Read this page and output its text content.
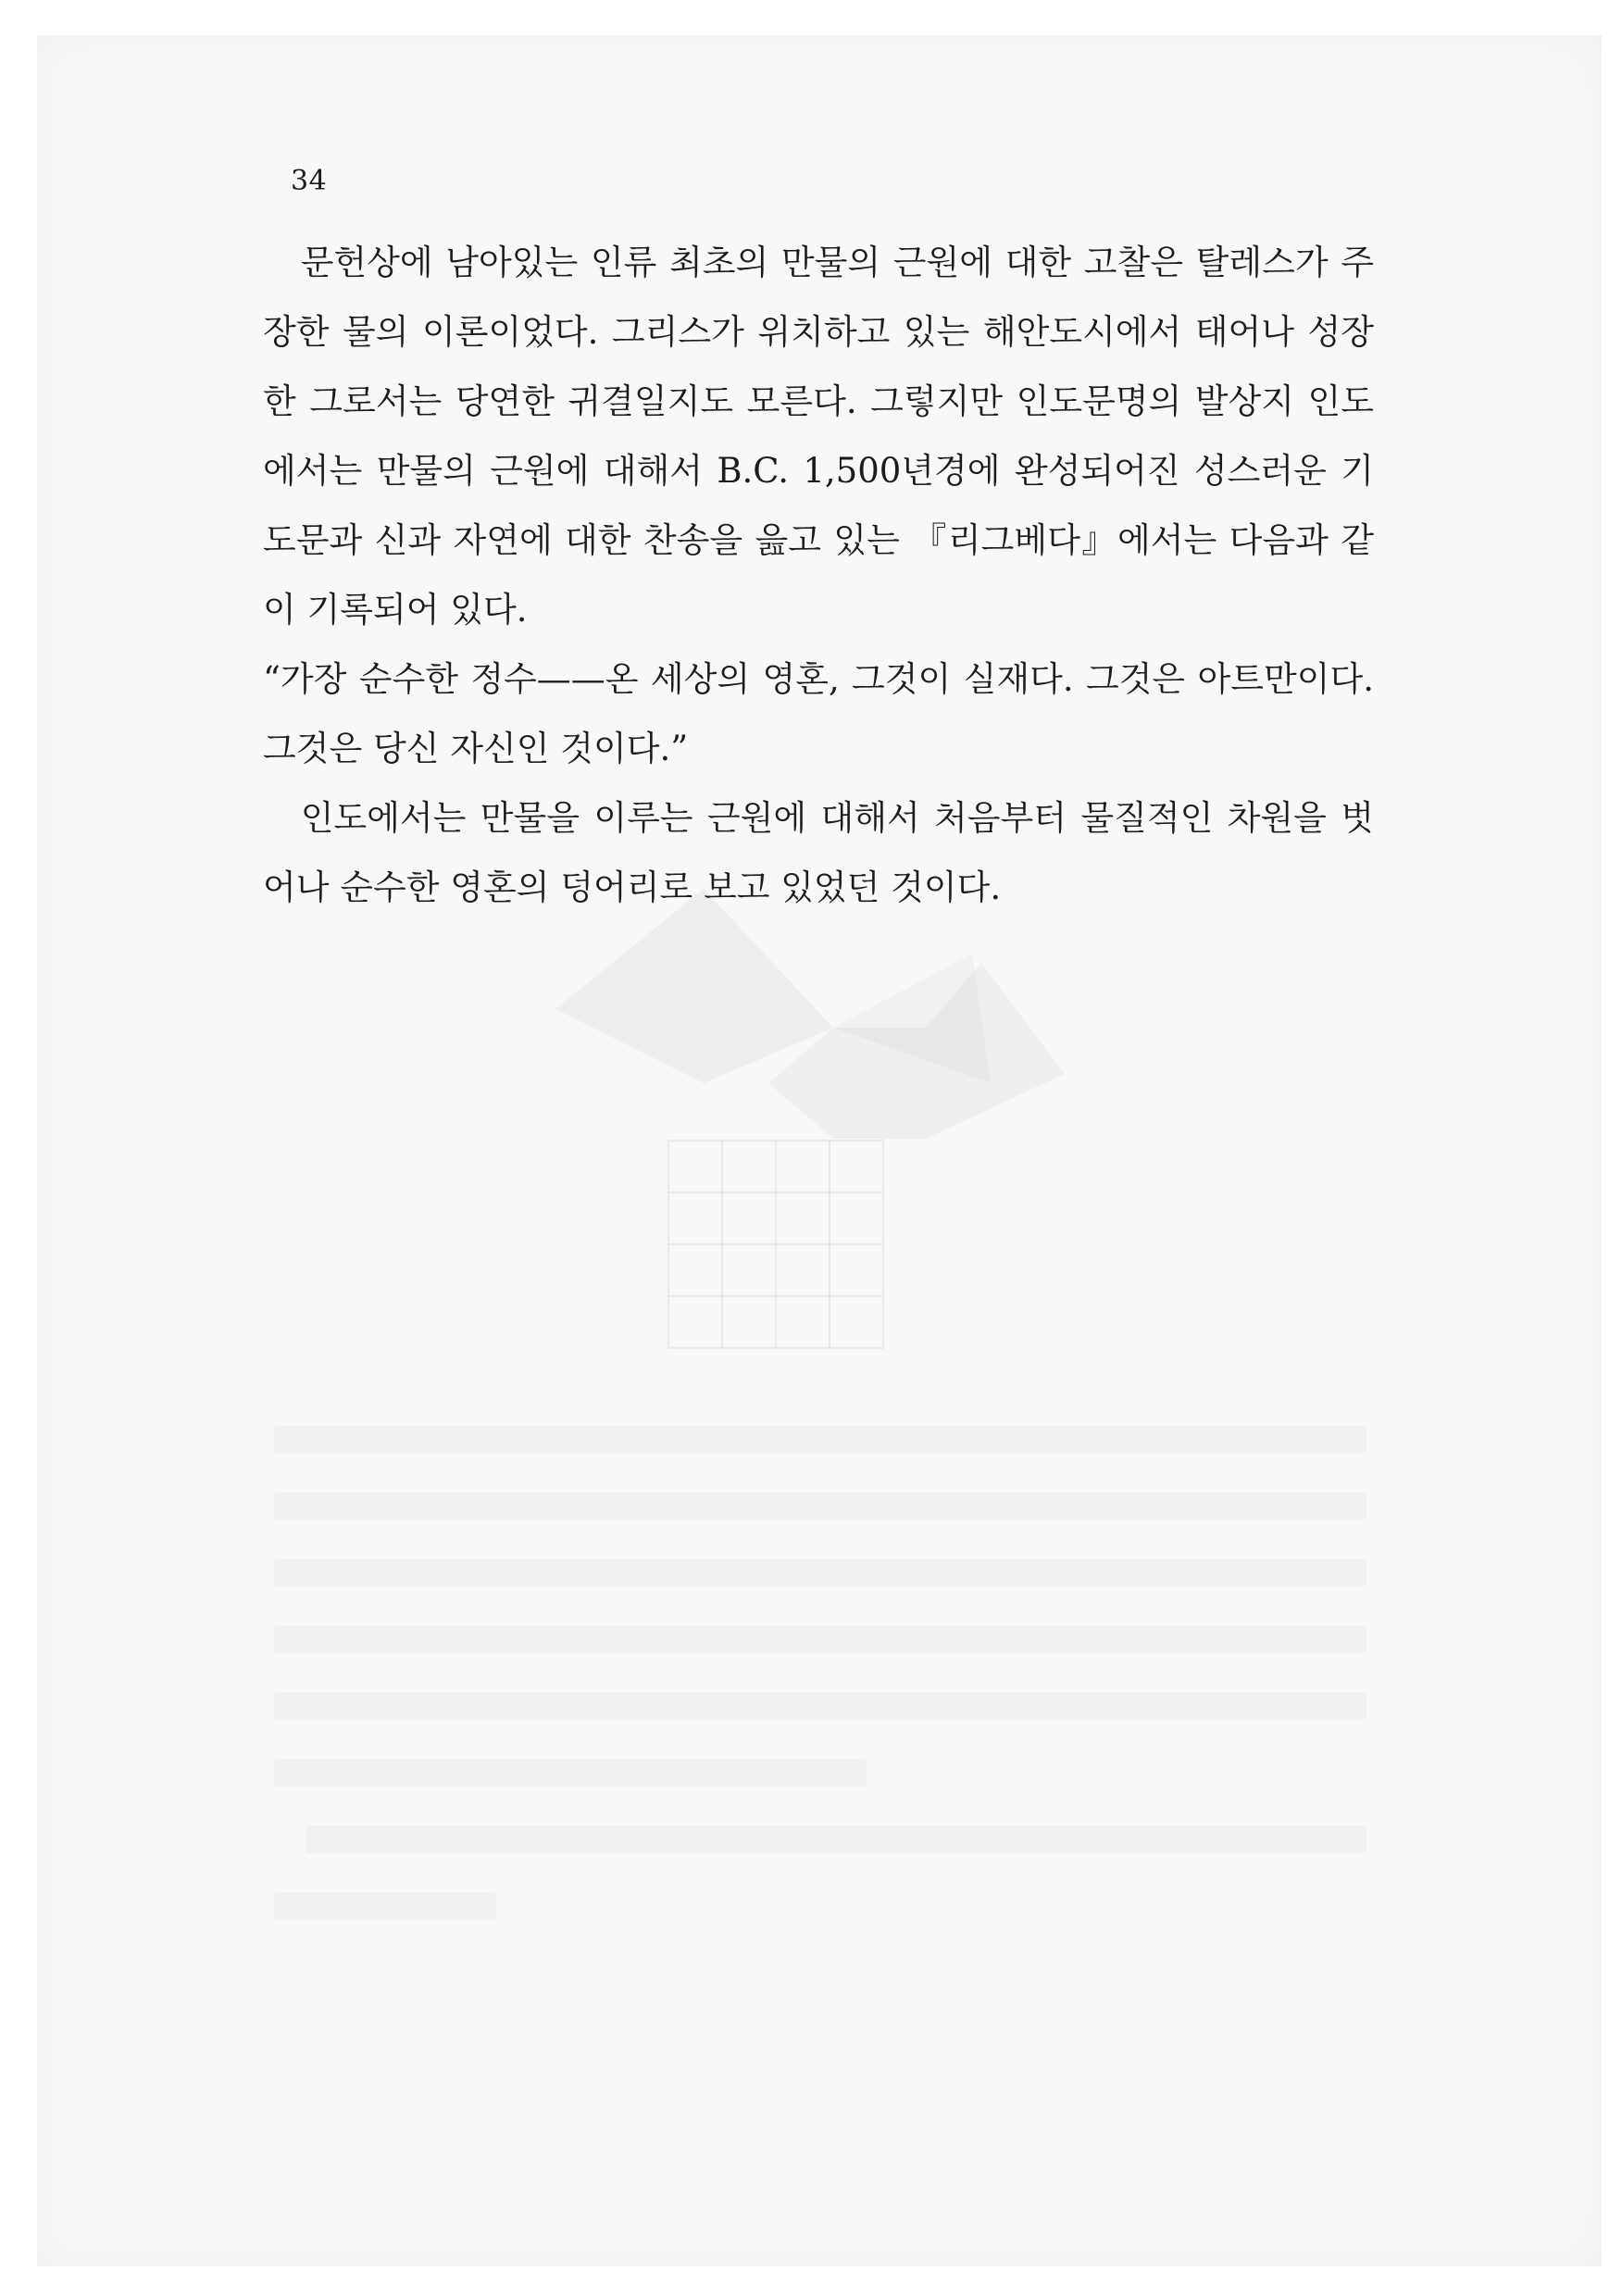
34

문헌상에 남아있는 인류 최초의 만물의 근원에 대한 고찰은 탈레스가 주장한 물의 이론이었다. 그리스가 위치하고 있는 해안도시에서 태어나 성장한 그로서는 당연한 귀결일지도 모른다. 그렇지만 인도문명의 발상지 인도에서는 만물의 근원에 대해서 B.C. 1,500년경에 완성되어진 성스러운 기도문과 신과 자연에 대한 찬송을 읊고 있는 『리그베다』에서는 다음과 같이 기록되어 있다.

“가장 순수한 정수——온 세상의 영혼, 그것이 실재다. 그것은 아트만이다. 그것은 당신 자신인 것이다.”

인도에서는 만물을 이루는 근원에 대해서 처음부터 물질적인 차원을 벗어나 순수한 영혼의 덩어리로 보고 있었던 것이다.
